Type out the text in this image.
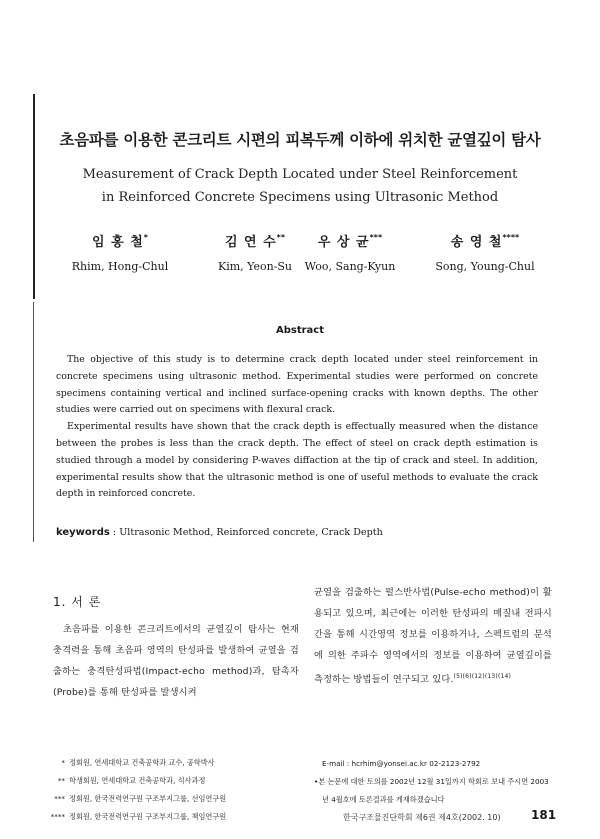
초음파를 이용한 콘크리트 시편의 피복두께 이하에 위치한 균열깊이 탐사
Measurement of Crack Depth Located under Steel Reinforcement
in Reinforced Concrete Specimens using Ultrasonic Method
임 홍 철*
Rhim, Hong-Chul
김 연 수**
Kim, Yeon-Su
우 상 균***
Woo, Sang-Kyun
송 영 철****
Song, Young-Chul
Abstract

The objective of this study is to determine crack depth located under steel reinforcement in concrete specimens using ultrasonic method. Experimental studies were performed on concrete specimens containing vertical and inclined surface-opening cracks with known depths. The other studies were carried out on specimens with flexural crack.

Experimental results have shown that the crack depth is effectually measured when the distance between the probes is less than the crack depth. The effect of steel on crack depth estimation is studied through a model by considering P-waves diffaction at the tip of crack and steel. In addition, experimental results show that the ultrasonic method is one of useful methods to evaluate the crack depth in reinforced concrete.

keywords : Ultrasonic Method, Reinforced concrete, Crack Depth
1. 서 론
초음파를 이용한 콘크리트에서의 균열깊이 탐사는 현재 충격력을 통해 초음파 영역의 탄성파를 발생하여 균열을 검출하는 충격탄성파법(Impact-echo method)과, 탐촉자(Probe)를 통해 탄성파를 발생시켜
균열을 검출하는 펄스반사법(Pulse-echo method)이 활용되고 있으며, 최근에는 이러한 탄성파의 매질내 전파시간을 통해 시간영역 정보를 이용하거나, 스펙트럼의 분석에 의한 주파수 영역에서의 정보를 이용하여 균열깊이를 측정하는 방법들이 연구되고 있다.$^{(5)(6)(12)(13)(14)}$
* 정회원, 연세대학교 건축공학과 교수, 공학박사
** 학생회원, 연세대학교 건축공학과, 석사과정
*** 정회원, 한국전력연구원 구조부지그룹, 선임연구원
**** 정회원, 한국전력연구원 구조부지그룹, 책임연구원
E-mail : hcrhim@yonsei.ac.kr 02-2123-2792
•본 논문에 대한 토의를 2002년 12월 31일까지 학회로 보내 주시면 2003년 4월호에 토론결과를 게재하겠습니다
한국구조물진단학회 제6권 제4호(2002. 10)	181
